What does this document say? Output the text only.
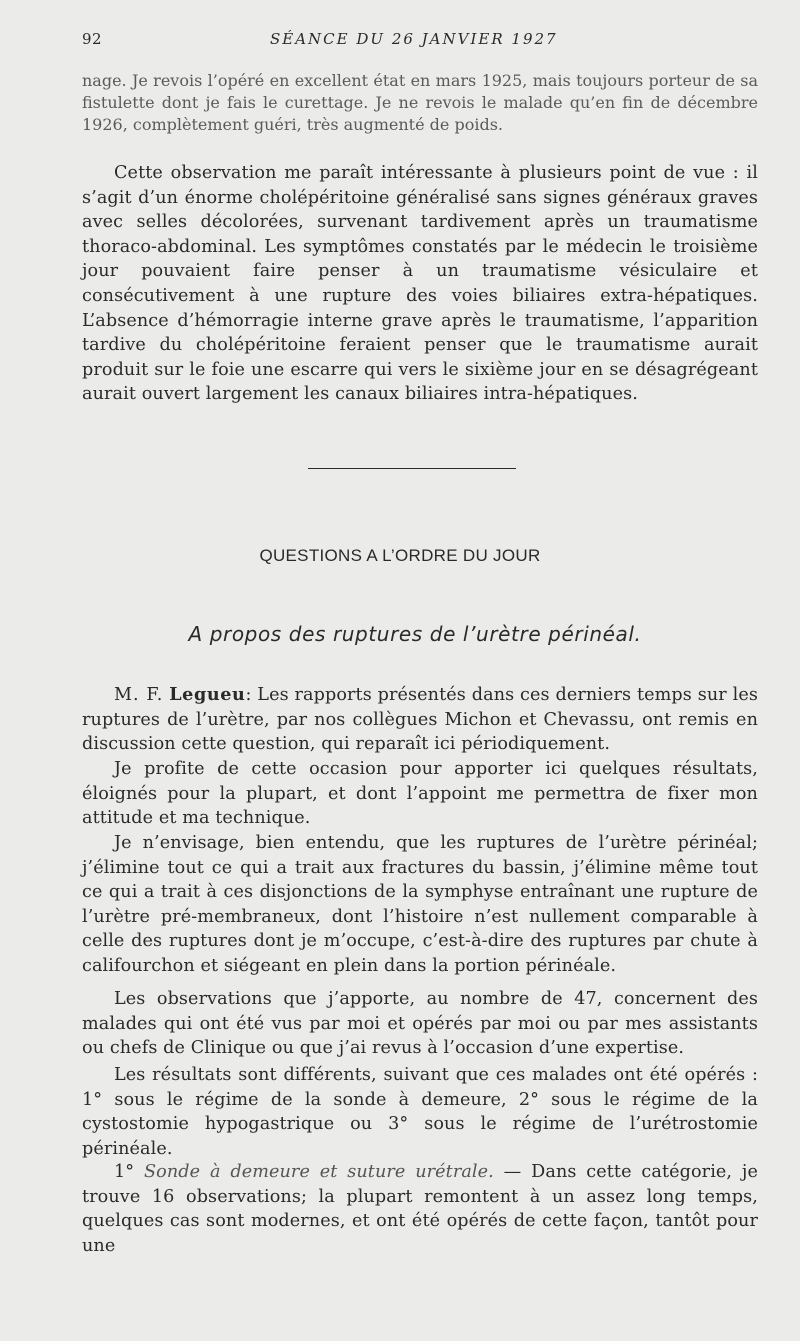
92	SÉANCE DU 26 JANVIER 1927

nage. Je revois l’opéré en excellent état en mars 1925, mais toujours porteur de sa fistulette dont je fais le curettage. Je ne revois le malade qu’en fin de décembre 1926, complètement guéri, très augmenté de poids.

Cette observation me paraît intéressante à plusieurs point de vue : il s’agit d’un énorme cholépéritoine généralisé sans signes généraux graves avec selles décolorées, survenant tardivement après un traumatisme thoraco-abdominal. Les symptômes constatés par le médecin le troisième jour pouvaient faire penser à un traumatisme vésiculaire et consécutivement à une rupture des voies biliaires extra-hépatiques. L’absence d’hémorragie interne grave après le traumatisme, l’apparition tardive du cholépéritoine feraient penser que le traumatisme aurait produit sur le foie une escarre qui vers le sixième jour en se désagrégeant aurait ouvert largement les canaux biliaires intra-hépatiques.

QUESTIONS A L’ORDRE DU JOUR
A propos des ruptures de l’urètre périnéal.

M. F. Legueu: Les rapports présentés dans ces derniers temps sur les ruptures de l’urètre, par nos collègues Michon et Chevassu, ont remis en discussion cette question, qui reparaît ici périodiquement.

Je profite de cette occasion pour apporter ici quelques résultats, éloignés pour la plupart, et dont l’appoint me permettra de fixer mon attitude et ma technique.

Je n’envisage, bien entendu, que les ruptures de l’urètre périnéal; j’élimine tout ce qui a trait aux fractures du bassin, j’élimine même tout ce qui a trait à ces disjonctions de la symphyse entraînant une rupture de l’urètre pré-membraneux, dont l’histoire n’est nullement comparable à celle des ruptures dont je m’occupe, c’est-à-dire des ruptures par chute à califourchon et siégeant en plein dans la portion périnéale.

Les observations que j’apporte, au nombre de 47, concernent des malades qui ont été vus par moi et opérés par moi ou par mes assistants ou chefs de Clinique ou que j’ai revus à l’occasion d’une expertise.

Les résultats sont différents, suivant que ces malades ont été opérés : 1° sous le régime de la sonde à demeure, 2° sous le régime de la cystostomie hypogastrique ou 3° sous le régime de l’urétrostomie périnéale.

1° Sonde à demeure et suture urétrale. — Dans cette catégorie, je trouve 16 observations; la plupart remontent à un assez long temps, quelques cas sont modernes, et ont été opérés de cette façon, tantôt pour une
